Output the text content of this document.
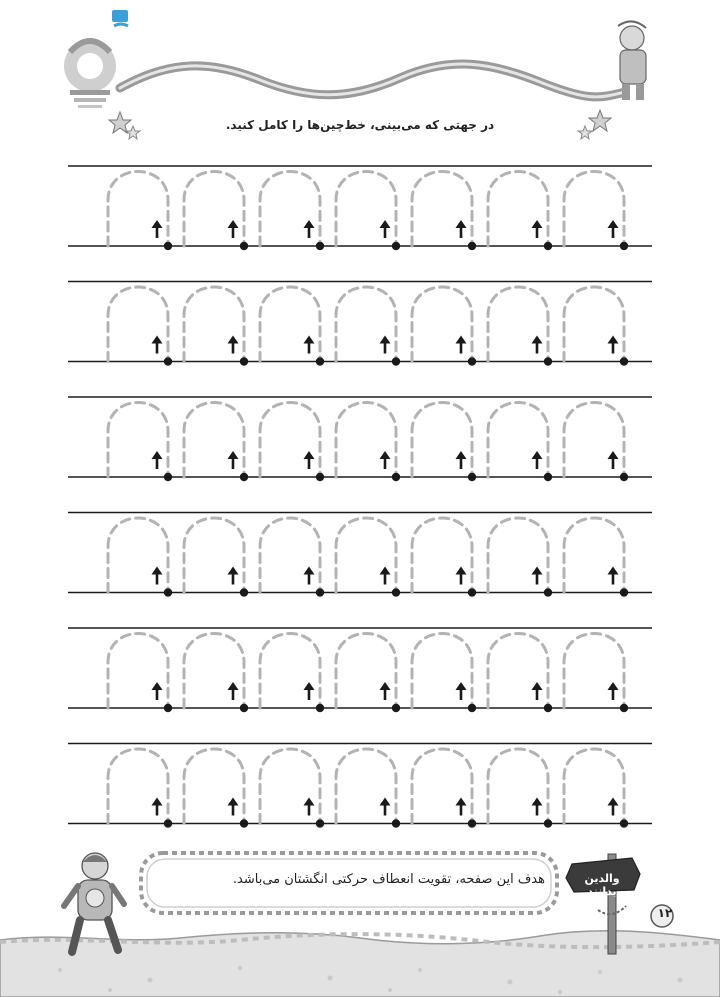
در جهتی که می‌بینی، خط‌چین‌ها را کامل کنید.
هدف این صفحه، تقویت انعطاف حرکتی انگشتان می‌باشد.	والدین بدانند
۱۲
